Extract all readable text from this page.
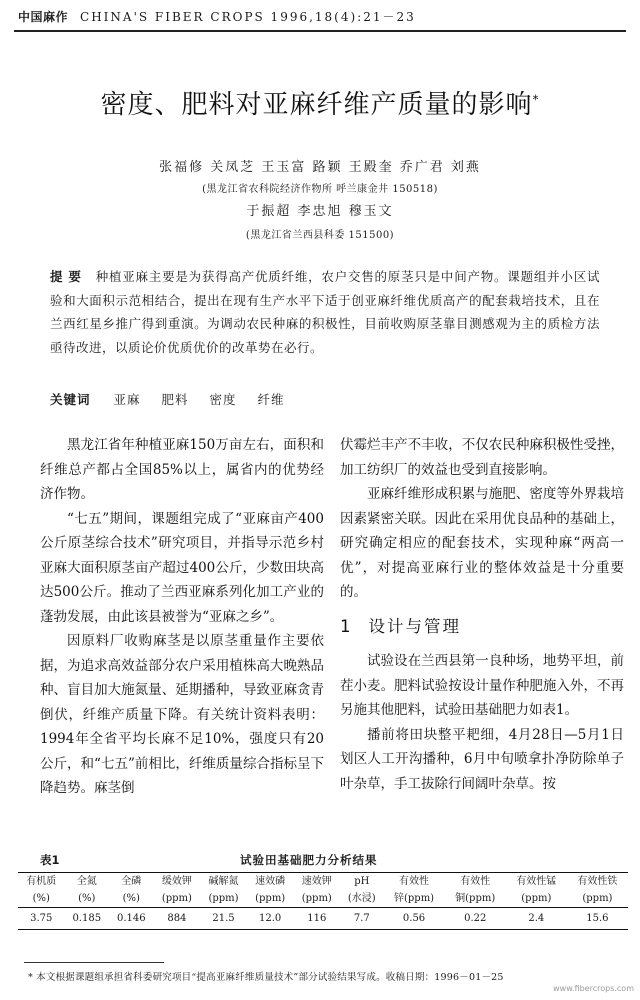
中国麻作 CHINA'S FIBER CROPS 1996,18(4):21－23
密度、肥料对亚麻纤维产质量的影响*
张福修 关凤芝 王玉富 路颖 王殿奎 乔广君 刘燕
(黑龙江省农科院经济作物所 呼兰康金井 150518)
于振超 李忠旭 穆玉文
(黑龙江省兰西县科委 151500)
提 要 种植亚麻主要是为获得高产优质纤维，农户交售的原茎只是中间产物。课题组并小区试验和大面积示范相结合，提出在现有生产水平下适于创亚麻纤维优质高产的配套栽培技术，且在兰西红星乡推广得到重演。为调动农民种麻的积极性，目前收购原茎靠目测感观为主的质检方法亟待改进，以质论价优质优价的改革势在必行。
关键词 亚麻 肥料 密度 纤维

黑龙江省年种植亚麻150万亩左右，面积和纤维总产都占全国85%以上，属省内的优势经济作物。

“七五”期间，课题组完成了“亚麻亩产400公斤原茎综合技术”研究项目，并指导示范乡村亚麻大面积原茎亩产超过400公斤，少数田块高达500公斤。推动了兰西亚麻系列化加工产业的蓬勃发展，由此该县被誉为“亚麻之乡”。

因原料厂收购麻茎是以原茎重量作主要依据，为追求高效益部分农户采用植株高大晚熟品种、盲目加大施氮量、延期播种，导致亚麻贪青倒伏，纤维产质量下降。有关统计资料表明：1994年全省平均长麻不足10%，强度只有20公斤，和“七五”前相比，纤维质量综合指标呈下降趋势。麻茎倒

伏霉烂丰产不丰收，不仅农民种麻积极性受挫，加工纺织厂的效益也受到直接影响。

亚麻纤维形成积累与施肥、密度等外界栽培因素紧密关联。因此在采用优良品种的基础上，研究确定相应的配套技术，实现种麻“两高一优”，对提高亚麻行业的整体效益是十分重要的。

1 设计与管理

试验设在兰西县第一良种场，地势平坦，前茬小麦。肥料试验按设计量作种肥施入外，不再另施其他肥料，试验田基础肥力如表1。

播前将田块整平耙细，4月28日—5月1日划区人工开沟播种，6月中旬喷拿扑净防除单子叶杂草，手工拔除行间阔叶杂草。按

表1	试验田基础肥力分析结果
有机质	全氮	全磷	缓效钾	碱解氮	速效磷	速效钾	pH	有效性	有效性	有效性锰	有效性铁
(%)	(%)	(%)	(ppm)	(ppm)	(ppm)	(ppm)	(水浸)	锌(ppm)	铜(ppm)	(ppm)	(ppm)
3.75	0.185	0.146	884	21.5	12.0	116	7.7	0.56	0.22	2.4	15.6
* 本文根据课题组承担省科委研究项目“提高亚麻纤维质量技术”部分试验结果写成。收稿日期：1996－01－25
www.fibercrops.com
